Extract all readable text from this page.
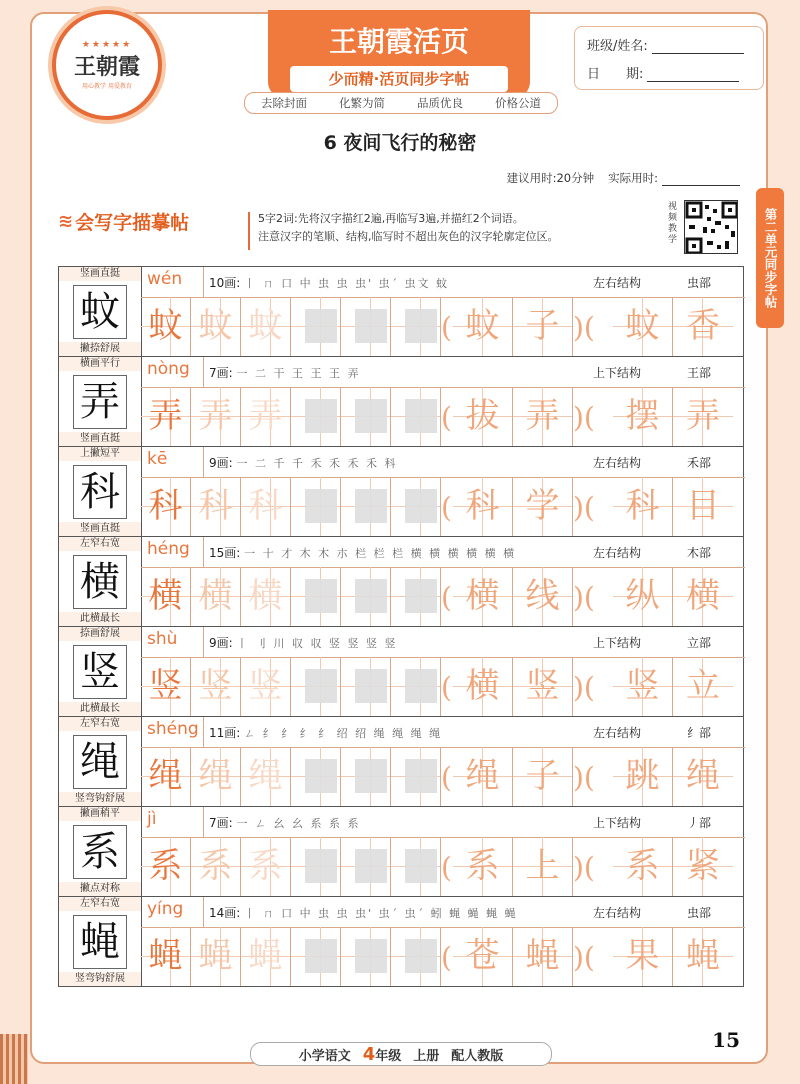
★★★★★
王朝霞
用心教学 用爱教育
王朝霞活页
少而精·活页同步字帖
去除封面	化繁为简	品质优良	价格公道
班级/姓名:
日　　期:
6 夜间飞行的秘密
建议用时:20分钟 实际用时:
≋ 会写字描摹帖	5字2词:先将汉字描红2遍,再临写3遍,并描红2个词语。
注意汉字的笔顺、结构,临写时不超出灰色的汉字轮廓定位区。
视频教学	第二单元同步字帖
竖画直挺
蚊
撇捺舒展
wén 10画: 丨 ㄇ 口 中 虫 虫 虫' 虫ˊ 虫文 蚊	左右结构	虫部
蚊 蚊 蚊	( 蚊 子 )( 蚊 香
横画平行
弄
竖画直挺
nòng 7画: 一 二 干 王 王 王 弄	上下结构	王部
弄 弄 弄	( 拔 弄 )( 摆 弄
上撇短平
科
竖画直挺
kē	9画: 一 二 千 千 禾 禾 禾 禾 科	左右结构	禾部
科 科 科	( 科 学 )( 科 目
左窄右宽
横
此横最长
héng 15画: 一 十 才 木 木 朩 栏 栏 栏 横 横 横 横 横 横	左右结构	木部
横 横 横	( 横 线 )( 纵 横
捺画舒展
竖
此横最长
shù	9画: 丨 刂 川 収 収 竖 竖 竖 竖	上下结构	立部
竖 竖 竖	( 横 竖 )( 竖 立
左窄右宽
绳
竖弯钩舒展
shéng 11画: ㄥ 纟 纟 纟 纟 绍 绍 绳 绳 绳 绳	左右结构	纟部
绳 绳 绳	( 绳 子 )( 跳 绳
撇画稍平
系
撇点对称
jì	7画: 一 ㄥ 幺 幺 系 系 系	上下结构	丿部
系 系 系	( 系 上 )( 系 紧
左窄右宽
蝇
竖弯钩舒展
yíng 14画: 丨 ㄇ 口 中 虫 虫 虫' 虫ˊ 虫ˊ 蚓 蝇 蝇 蝇 蝇	左右结构	虫部
蝇 蝇 蝇	( 苍 蝇 )( 果 蝇
小学语文 4年级 上册 配人教版
15
